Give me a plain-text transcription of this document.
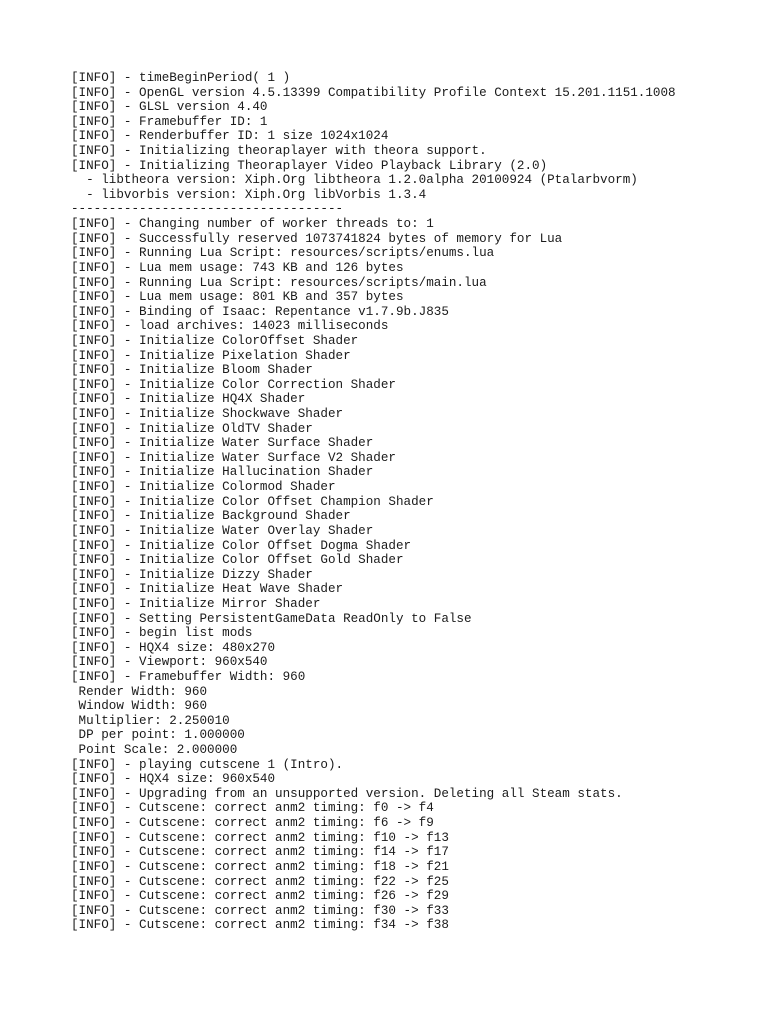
[INFO] - timeBeginPeriod( 1 )
[INFO] - OpenGL version 4.5.13399 Compatibility Profile Context 15.201.1151.1008
[INFO] - GLSL version 4.40
[INFO] - Framebuffer ID: 1
[INFO] - Renderbuffer ID: 1 size 1024x1024
[INFO] - Initializing theoraplayer with theora support.
[INFO] - Initializing Theoraplayer Video Playback Library (2.0)
- libtheora version: Xiph.Org libtheora 1.2.0alpha 20100924 (Ptalarbvorm)
- libvorbis version: Xiph.Org libVorbis 1.3.4
------------------------------------
[INFO] - Changing number of worker threads to: 1
[INFO] - Successfully reserved 1073741824 bytes of memory for Lua
[INFO] - Running Lua Script: resources/scripts/enums.lua
[INFO] - Lua mem usage: 743 KB and 126 bytes
[INFO] - Running Lua Script: resources/scripts/main.lua
[INFO] - Lua mem usage: 801 KB and 357 bytes
[INFO] - Binding of Isaac: Repentance v1.7.9b.J835
[INFO] - load archives: 14023 milliseconds
[INFO] - Initialize ColorOffset Shader
[INFO] - Initialize Pixelation Shader
[INFO] - Initialize Bloom Shader
[INFO] - Initialize Color Correction Shader
[INFO] - Initialize HQ4X Shader
[INFO] - Initialize Shockwave Shader
[INFO] - Initialize OldTV Shader
[INFO] - Initialize Water Surface Shader
[INFO] - Initialize Water Surface V2 Shader
[INFO] - Initialize Hallucination Shader
[INFO] - Initialize Colormod Shader
[INFO] - Initialize Color Offset Champion Shader
[INFO] - Initialize Background Shader
[INFO] - Initialize Water Overlay Shader
[INFO] - Initialize Color Offset Dogma Shader
[INFO] - Initialize Color Offset Gold Shader
[INFO] - Initialize Dizzy Shader
[INFO] - Initialize Heat Wave Shader
[INFO] - Initialize Mirror Shader
[INFO] - Setting PersistentGameData ReadOnly to False
[INFO] - begin list mods
[INFO] - HQX4 size: 480x270
[INFO] - Viewport: 960x540
[INFO] - Framebuffer Width: 960
Render Width: 960
Window Width: 960
Multiplier: 2.250010
DP per point: 1.000000
Point Scale: 2.000000
[INFO] - playing cutscene 1 (Intro).
[INFO] - HQX4 size: 960x540
[INFO] - Upgrading from an unsupported version. Deleting all Steam stats.
[INFO] - Cutscene: correct anm2 timing: f0 -> f4
[INFO] - Cutscene: correct anm2 timing: f6 -> f9
[INFO] - Cutscene: correct anm2 timing: f10 -> f13
[INFO] - Cutscene: correct anm2 timing: f14 -> f17
[INFO] - Cutscene: correct anm2 timing: f18 -> f21
[INFO] - Cutscene: correct anm2 timing: f22 -> f25
[INFO] - Cutscene: correct anm2 timing: f26 -> f29
[INFO] - Cutscene: correct anm2 timing: f30 -> f33
[INFO] - Cutscene: correct anm2 timing: f34 -> f38
